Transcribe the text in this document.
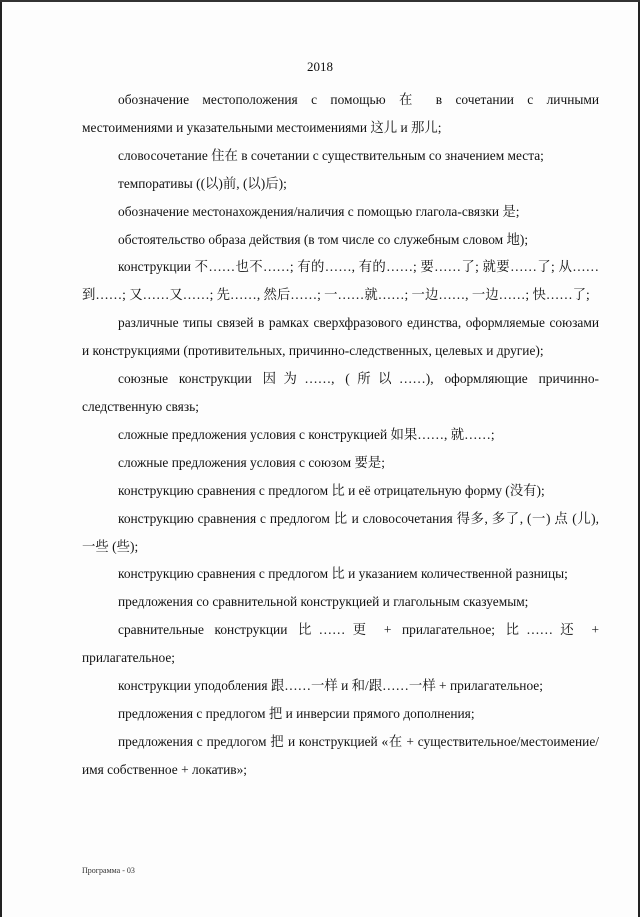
2018

обозначение местоположения с помощью 在 в сочетании с личными местоимениями и указательными местоимениями 这儿 и 那儿;

словосочетание 住在 в сочетании с существительным со значением места;

темпоративы ((以)前, (以)后);

обозначение местонахождения/наличия с помощью глагола-связки 是;

обстоятельство образа действия (в том числе со служебным словом 地);

конструкции 不……也不……; 有的……, 有的……; 要……了; 就要……了; 从……到……; 又……又……; 先……, 然后……; 一……就……; 一边……, 一边……; 快……了;

различные типы связей в рамках сверхфразового единства, оформляемые союзами и конструкциями (противительных, причинно-следственных, целевых и другие);

союзные конструкции 因为……, (所以……), оформляющие причинно-следственную связь;

сложные предложения условия с конструкцией 如果……, 就……;

сложные предложения условия с союзом 要是;

конструкцию сравнения с предлогом 比 и её отрицательную форму (没有);

конструкцию сравнения с предлогом 比 и словосочетания 得多, 多了, (一) 点 (儿), 一些 (些);

конструкцию сравнения с предлогом 比 и указанием количественной разницы;

предложения со сравнительной конструкцией и глагольным сказуемым;

сравнительные конструкции 比……更 + прилагательное; 比……还 + прилагательное;

конструкции уподобления 跟……一样 и 和/跟……一样 + прилагательное;

предложения с предлогом 把 и инверсии прямого дополнения;

предложения с предлогом 把 и конструкцией «在 + существительное/местоимение/имя собственное + локатив»;

Программа - 03
